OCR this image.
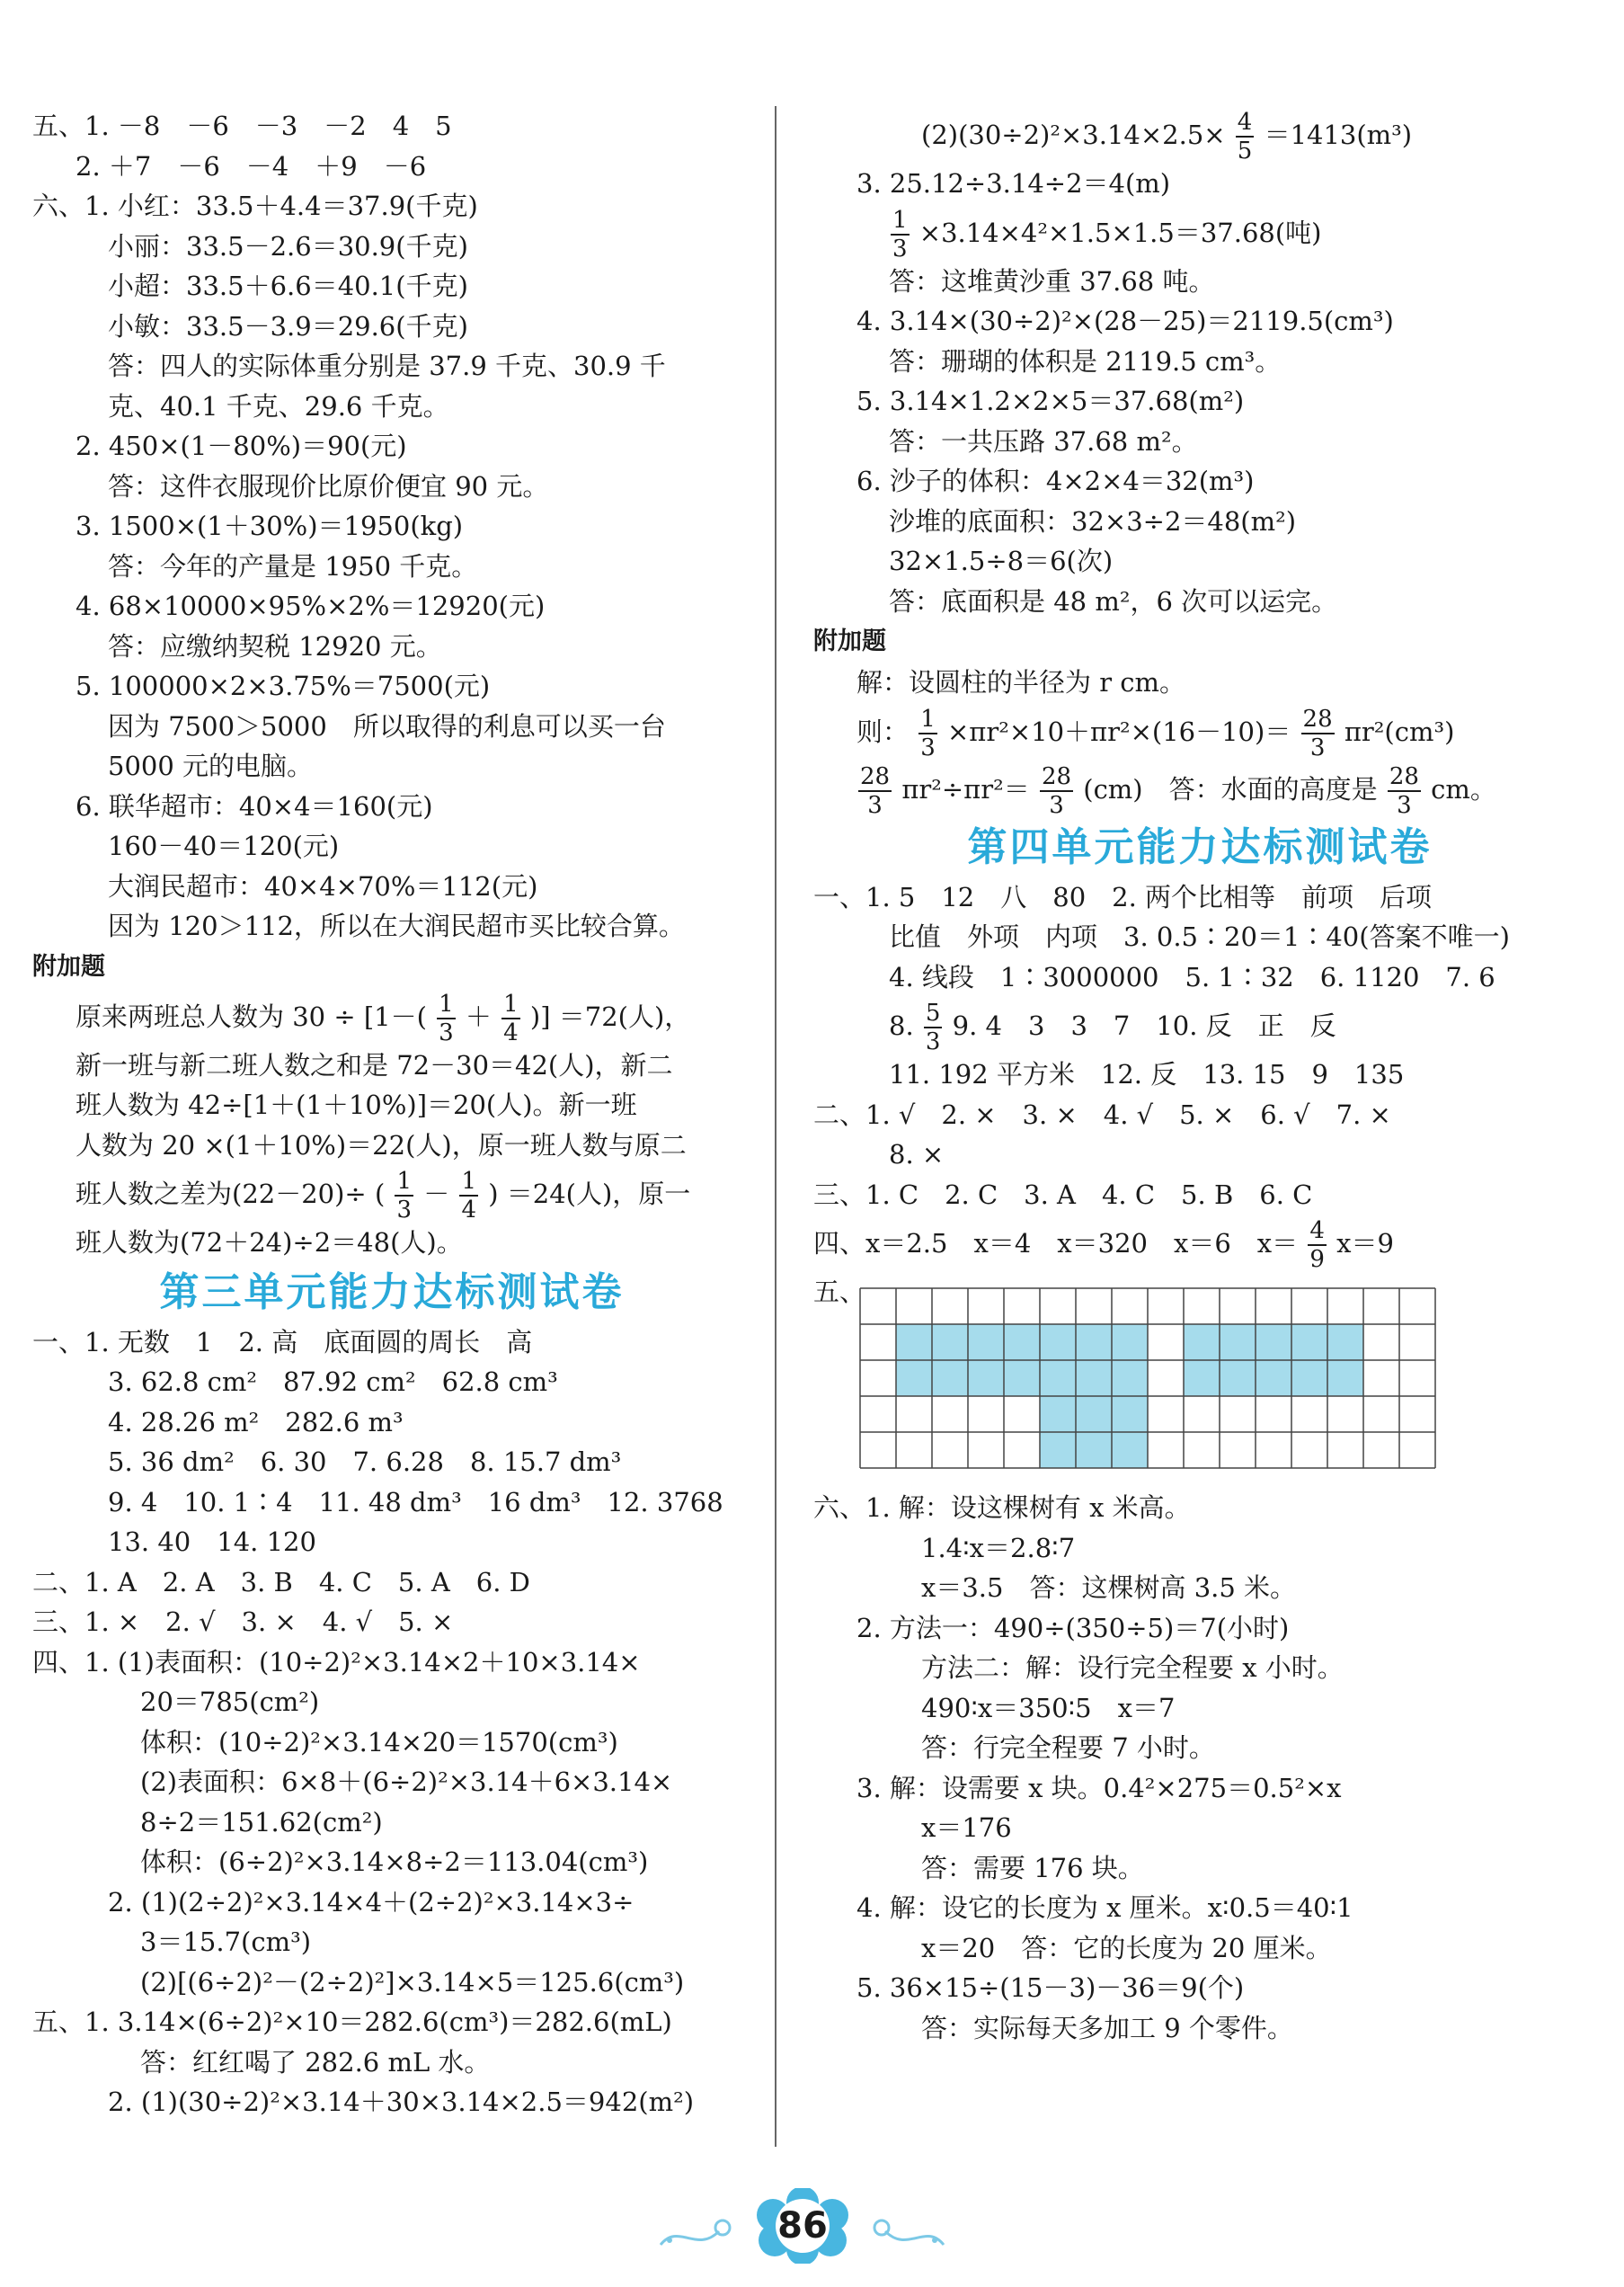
五、1. －8　－6　－3　－2　4　5
2. ＋7　－6　－4　＋9　－6
六、1. 小红：33.5＋4.4＝37.9(千克)
小丽：33.5－2.6＝30.9(千克)
小超：33.5＋6.6＝40.1(千克)
小敏：33.5－3.9＝29.6(千克)
答：四人的实际体重分别是 37.9 千克、30.9 千
克、40.1 千克、29.6 千克。
2. 450×(1－80%)＝90(元)
答：这件衣服现价比原价便宜 90 元。
3. 1500×(1＋30%)＝1950(kg)
答：今年的产量是 1950 千克。
4. 68×10000×95%×2%＝12920(元)
答：应缴纳契税 12920 元。
5. 100000×2×3.75%＝7500(元)
因为 7500＞5000　所以取得的利息可以买一台
5000 元的电脑。
6. 联华超市：40×4＝160(元)
160－40＝120(元)
大润民超市：40×4×70%＝112(元)
因为 120＞112，所以在大润民超市买比较合算。
附加题
原来两班总人数为 $30 \div [1-( \frac{1}{3} + \frac{1}{4}$ )] ＝72(人)，
新一班与新二班人数之和是 72－30＝42(人)，新二
班人数为 42÷[1＋(1＋10%)]＝20(人)。新一班
人数为 20 ×(1＋10%)＝22(人)，原一班人数与原二
班人数之差为(22－20)÷ ( $\frac{1}{3} - \frac{1}{4}$ ) ＝24(人)，原一
班人数为(72＋24)÷2＝48(人)。
第三单元能力达标测试卷
一、1. 无数　1　2. 高　底面圆的周长　高
3. 62.8 cm²　87.92 cm²　62.8 cm³
4. 28.26 m²　282.6 m³
5. 36 dm²　6. 30　7. 6.28　8. 15.7 dm³
9. 4　10. 1∶4　11. 48 dm³　16 dm³　12. 3768
13. 40　14. 120
二、1. A　2. A　3. B　4. C　5. A　6. D
三、1. ×　2. √　3. ×　4. √　5. ×
四、1. (1)表面积：(10÷2)²×3.14×2＋10×3.14×
20＝785(cm²)
体积：(10÷2)²×3.14×20＝1570(cm³)
(2)表面积：6×8＋(6÷2)²×3.14＋6×3.14×
8÷2＝151.62(cm²)
体积：(6÷2)²×3.14×8÷2＝113.04(cm³)
2. (1)(2÷2)²×3.14×4＋(2÷2)²×3.14×3÷
3＝15.7(cm³)
(2)[(6÷2)²－(2÷2)²]×3.14×5＝125.6(cm³)
五、1. 3.14×(6÷2)²×10＝282.6(cm³)＝282.6(mL)
答：红红喝了 282.6 mL 水。
2. (1)(30÷2)²×3.14＋30×3.14×2.5＝942(m²)
$(2)(30\div 2)^2\times 3.14\times 2.5\times \frac{4}{5} =1413(m^3)$
3. 25.12÷3.14÷2＝4(m)
$\frac{1}{3} \times 3.14\times 4^2\times 1.5\times 1.5=37.68$(吨)
答：这堆黄沙重 37.68 吨。
4. 3.14×(30÷2)²×(28－25)＝2119.5(cm³)
答：珊瑚的体积是 2119.5 cm³。
5. 3.14×1.2×2×5＝37.68(m²)
答：一共压路 37.68 m²。
6. 沙子的体积：4×2×4＝32(m³)
沙堆的底面积：32×3÷2＝48(m²)
32×1.5÷8＝6(次)
答：底面积是 48 m²，6 次可以运完。
附加题
解：设圆柱的半径为 r cm。
则： $\frac{1}{3} \times\pi r^2\times 10+\pi r^2\times(16-10)= \frac{28}{3} \pi r^2(cm^3)$
$\frac{28}{3} \pi r^2\div\pi r^2= \frac{28}{3} (cm)$　答：水面的高度是 $\frac{28}{3}$ cm。
第四单元能力达标测试卷
一、1. 5　12　八　80　2. 两个比相等　前项　后项
比值　外项　内项　3. 0.5∶20＝1∶40(答案不唯一)
4. 线段　1∶3000000　5. 1∶32　6. 1120　7. 6
8. $\frac{5}{3} 9$. 4　3　3　7　10. 反　正　反
11. 192 平方米　12. 反　13. 15　9　135
二、1. √　2. ×　3. ×　4. √　5. ×　6. √　7. ×
8. ×
三、1. C　2. C　3. A　4. C　5. B　6. C
四、x＝2.5　x＝4　x＝320　x＝6　$x= \frac{4}{9} x=9$
五、
六、1. 解：设这棵树有 x 米高。
1.4∶x＝2.8∶7
x＝3.5　答：这棵树高 3.5 米。
2. 方法一：490÷(350÷5)＝7(小时)
方法二：解：设行完全程要 x 小时。
490∶x＝350∶5　x＝7
答：行完全程要 7 小时。
3. 解：设需要 x 块。0.4²×275＝0.5²×x
x＝176
答：需要 176 块。
4. 解：设它的长度为 x 厘米。x∶0.5＝40∶1
x＝20　答：它的长度为 20 厘米。
5. 36×15÷(15－3)－36＝9(个)
答：实际每天多加工 9 个零件。
86
